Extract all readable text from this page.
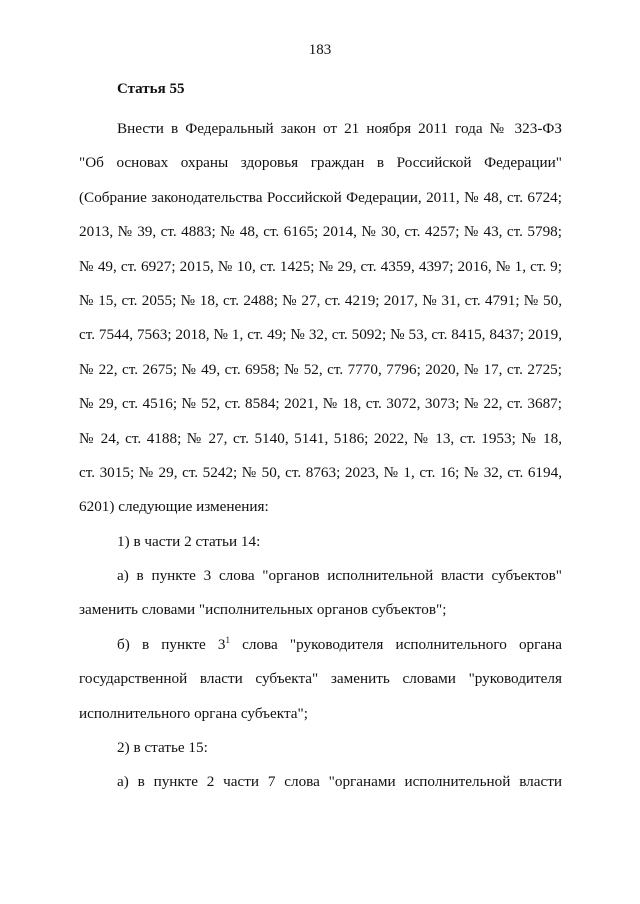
183
Статья 55
Внести в Федеральный закон от 21 ноября 2011 года № 323-ФЗ
"Об основах охраны здоровья граждан в Российской Федерации"
(Собрание законодательства Российской Федерации, 2011, № 48, ст. 6724;
2013, № 39, ст. 4883; № 48, ст. 6165; 2014, № 30, ст. 4257; № 43, ст. 5798;
№ 49, ст. 6927; 2015, № 10, ст. 1425; № 29, ст. 4359, 4397; 2016, № 1, ст. 9;
№ 15, ст. 2055; № 18, ст. 2488; № 27, ст. 4219; 2017, № 31, ст. 4791; № 50,
ст. 7544, 7563; 2018, № 1, ст. 49; № 32, ст. 5092; № 53, ст. 8415, 8437; 2019,
№ 22, ст. 2675; № 49, ст. 6958; № 52, ст. 7770, 7796; 2020, № 17, ст. 2725;
№ 29, ст. 4516; № 52, ст. 8584; 2021, № 18, ст. 3072, 3073; № 22, ст. 3687;
№ 24, ст. 4188; № 27, ст. 5140, 5141, 5186; 2022, № 13, ст. 1953; № 18,
ст. 3015; № 29, ст. 5242; № 50, ст. 8763; 2023, № 1, ст. 16; № 32, ст. 6194,
6201) следующие изменения:
1) в части 2 статьи 14:
а) в пункте 3 слова "органов исполнительной власти субъектов"
заменить словами "исполнительных органов субъектов";
б) в пункте $3^1$ слова "руководителя исполнительного органа
государственной власти субъекта" заменить словами "руководителя
исполнительного органа субъекта";
2) в статье 15:
а) в пункте 2 части 7 слова "органами исполнительной власти
